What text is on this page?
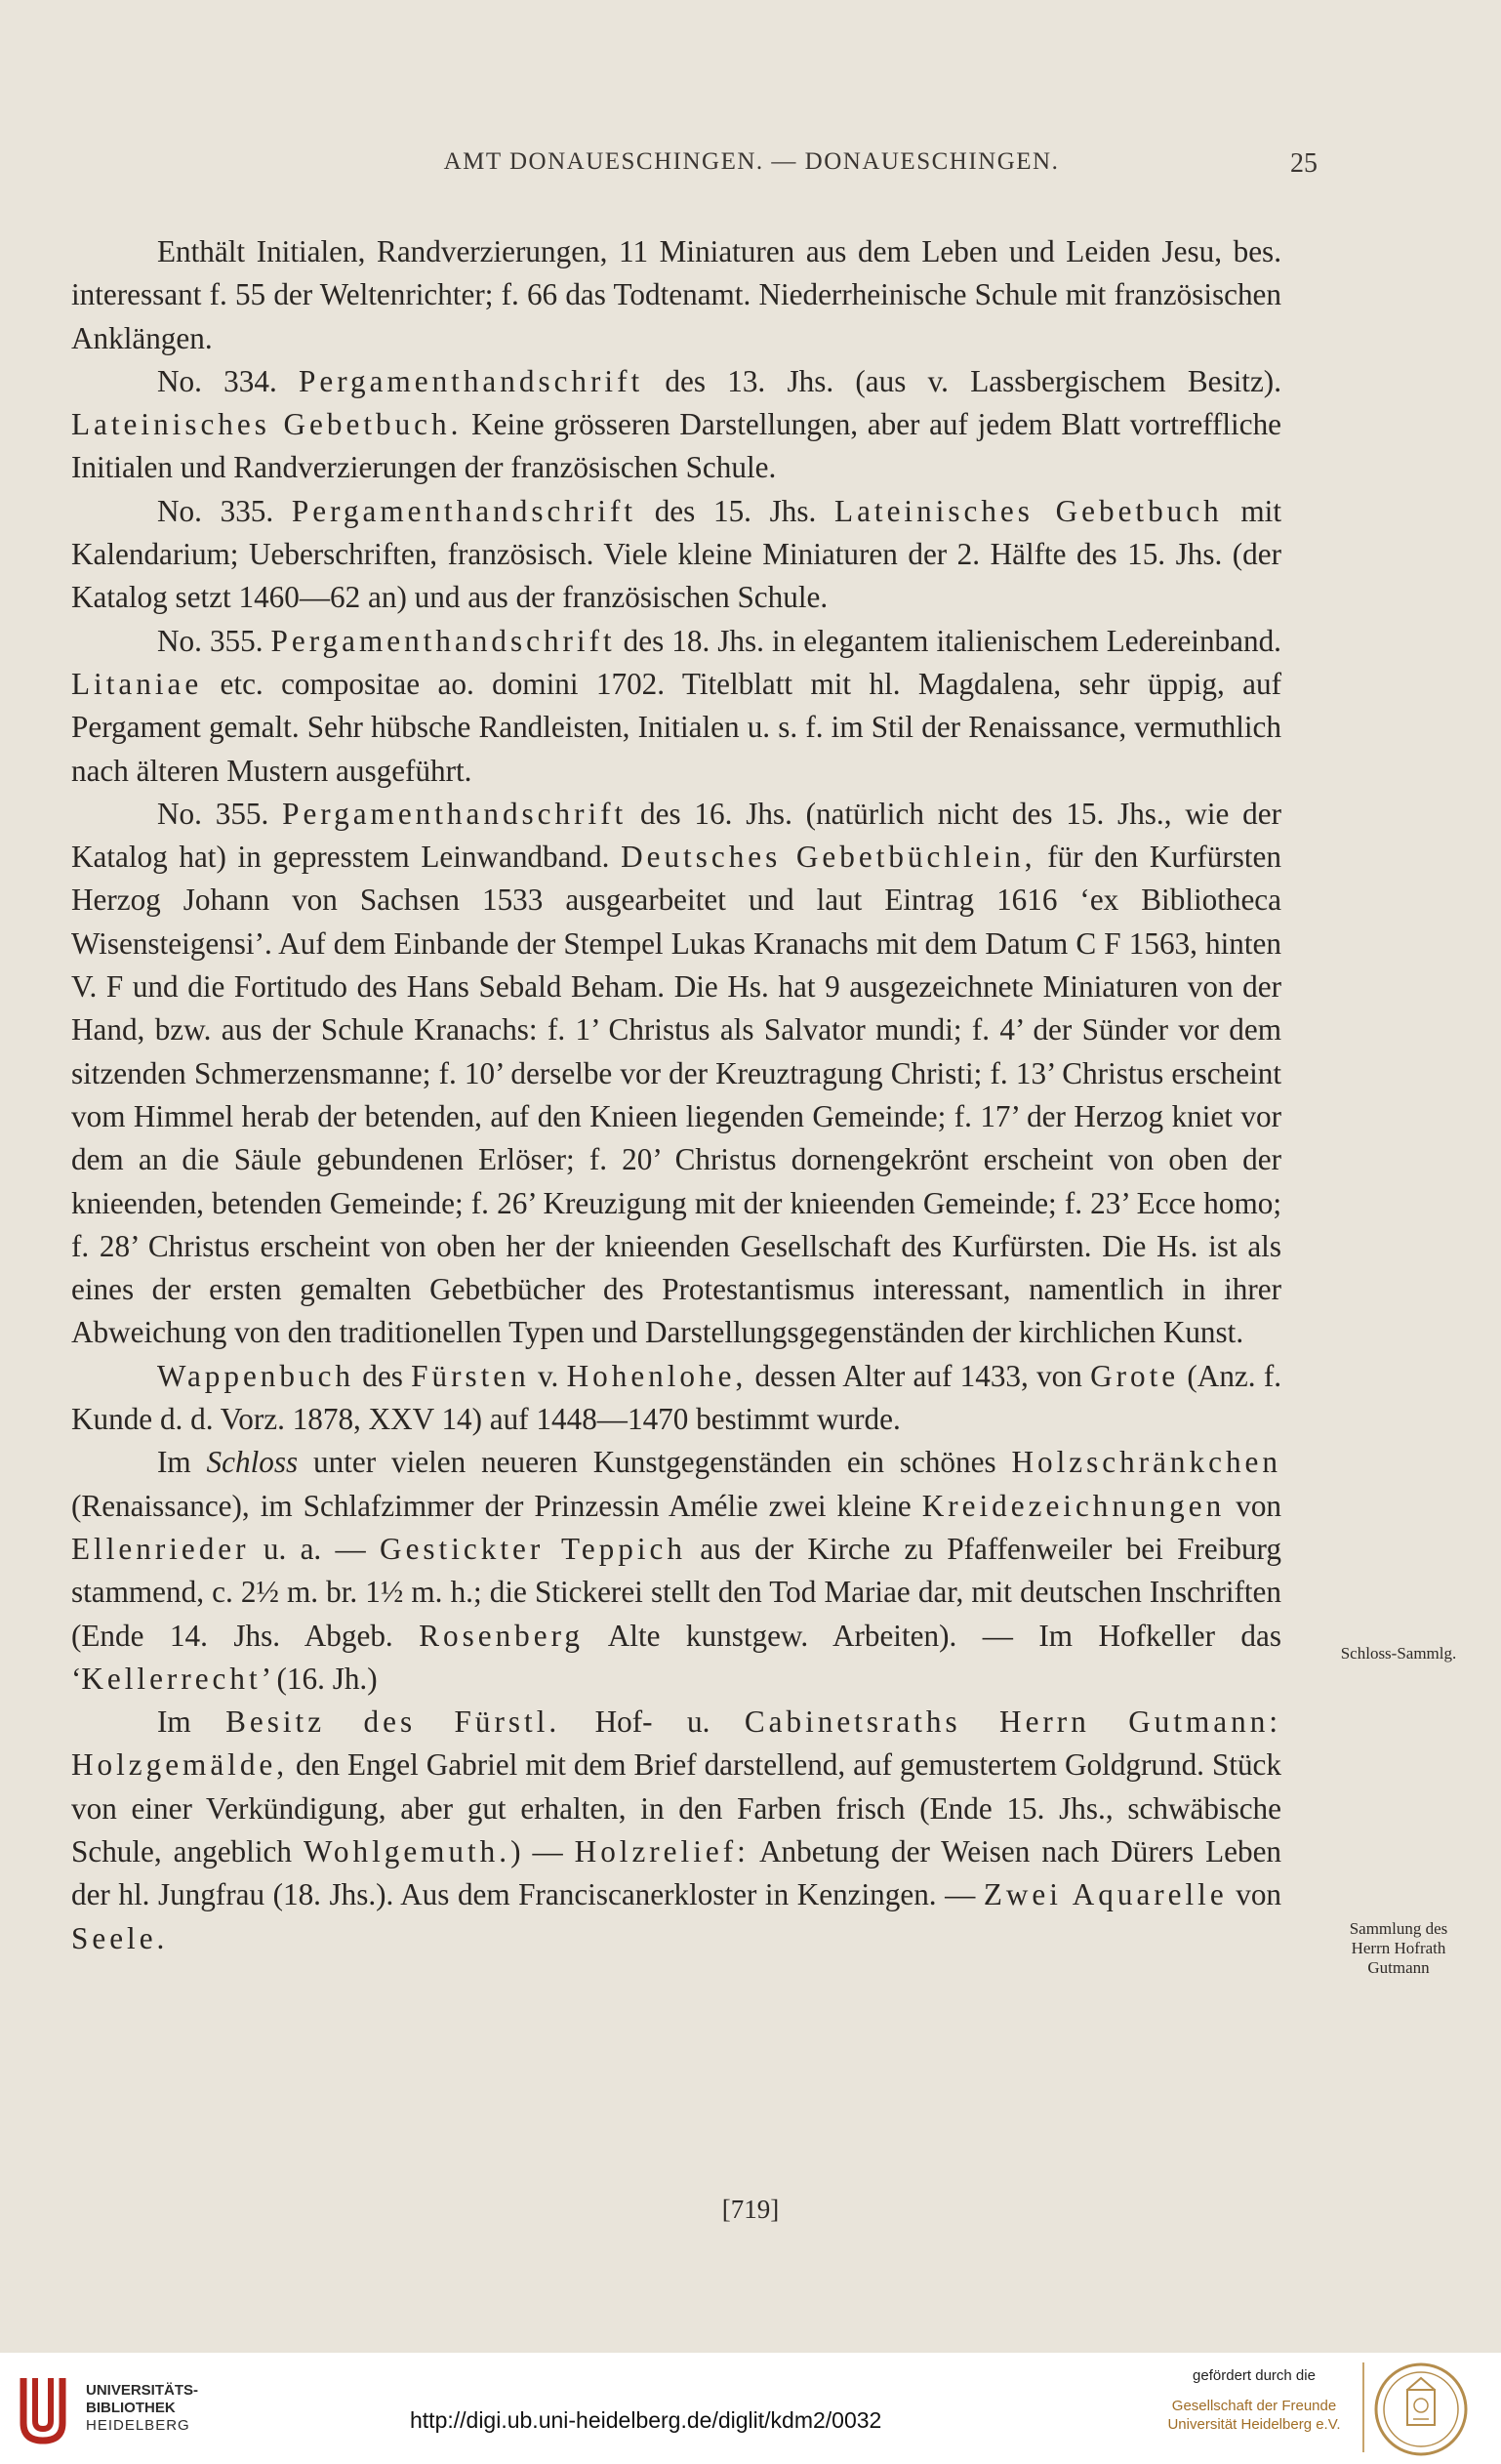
AMT DONAUESCHINGEN. — DONAUESCHINGEN.	25

Enthält Initialen, Randverzierungen, 11 Miniaturen aus dem Leben und Leiden Jesu, bes. interessant f. 55 der Weltenrichter; f. 66 das Todtenamt. Niederrheinische Schule mit französischen Anklängen.

No. 334. Pergamenthandschrift des 13. Jhs. (aus v. Lassbergischem Besitz). Lateinisches Gebetbuch. Keine grösseren Darstellungen, aber auf jedem Blatt vortreffliche Initialen und Randverzierungen der französischen Schule.

No. 335. Pergamenthandschrift des 15. Jhs. Lateinisches Gebetbuch mit Kalendarium; Ueberschriften, französisch. Viele kleine Miniaturen der 2. Hälfte des 15. Jhs. (der Katalog setzt 1460—62 an) und aus der französischen Schule.

No. 355. Pergamenthandschrift des 18. Jhs. in elegantem italienischem Ledereinband. Litaniae etc. compositae ao. domini 1702. Titelblatt mit hl. Magdalena, sehr üppig, auf Pergament gemalt. Sehr hübsche Randleisten, Initialen u. s. f. im Stil der Renaissance, vermuthlich nach älteren Mustern ausgeführt.

No. 355. Pergamenthandschrift des 16. Jhs. (natürlich nicht des 15. Jhs., wie der Katalog hat) in gepresstem Leinwandband. Deutsches Gebetbüchlein, für den Kurfürsten Herzog Johann von Sachsen 1533 ausgearbeitet und laut Eintrag 1616 ‘ex Bibliotheca Wisensteigensi’. Auf dem Einbande der Stempel Lukas Kranachs mit dem Datum C F 1563, hinten V. F und die Fortitudo des Hans Sebald Beham. Die Hs. hat 9 ausgezeichnete Miniaturen von der Hand, bzw. aus der Schule Kranachs: f. 1’ Christus als Salvator mundi; f. 4’ der Sünder vor dem sitzenden Schmerzensmanne; f. 10’ derselbe vor der Kreuztragung Christi; f. 13’ Christus erscheint vom Himmel herab der betenden, auf den Knieen liegenden Gemeinde; f. 17’ der Herzog kniet vor dem an die Säule gebundenen Erlöser; f. 20’ Christus dornengekrönt erscheint von oben der knieenden, betenden Gemeinde; f. 26’ Kreuzigung mit der knieenden Gemeinde; f. 23’ Ecce homo; f. 28’ Christus erscheint von oben her der knieenden Gesellschaft des Kurfürsten. Die Hs. ist als eines der ersten gemalten Gebetbücher des Protestantismus interessant, namentlich in ihrer Abweichung von den traditionellen Typen und Darstellungsgegenständen der kirchlichen Kunst.

Wappenbuch des Fürsten v. Hohenlohe, dessen Alter auf 1433, von Grote (Anz. f. Kunde d. d. Vorz. 1878, XXV 14) auf 1448—1470 bestimmt wurde.

Im Schloss unter vielen neueren Kunstgegenständen ein schönes Holzschränkchen (Renaissance), im Schlafzimmer der Prinzessin Amélie zwei kleine Kreidezeichnungen von Ellenrieder u. a. — Gestickter Teppich aus der Kirche zu Pfaffenweiler bei Freiburg stammend, c. 2½ m. br. 1½ m. h.; die Stickerei stellt den Tod Mariae dar, mit deutschen Inschriften (Ende 14. Jhs. Abgeb. Rosenberg Alte kunstgew. Arbeiten). — Im Hofkeller das ‘Kellerrecht’ (16. Jh.)

Im Besitz des Fürstl. Hof- u. Cabinetsraths Herrn Gutmann: Holzgemälde, den Engel Gabriel mit dem Brief darstellend, auf gemustertem Goldgrund. Stück von einer Verkündigung, aber gut erhalten, in den Farben frisch (Ende 15. Jhs., schwäbische Schule, angeblich Wohlgemuth.) — Holzrelief: Anbetung der Weisen nach Dürers Leben der hl. Jungfrau (18. Jhs.). Aus dem Franciscanerkloster in Kenzingen. — Zwei Aquarelle von Seele.

Schloss-Sammlg.
Sammlung des
Herrn Hofrath
Gutmann
[719]
UNIVERSITÄTS-
BIBLIOTHEK
HEIDELBERG	http://digi.ub.uni-heidelberg.de/diglit/kdm2/0032
gefördert durch die
Gesellschaft der Freunde
Universität Heidelberg e.V.
